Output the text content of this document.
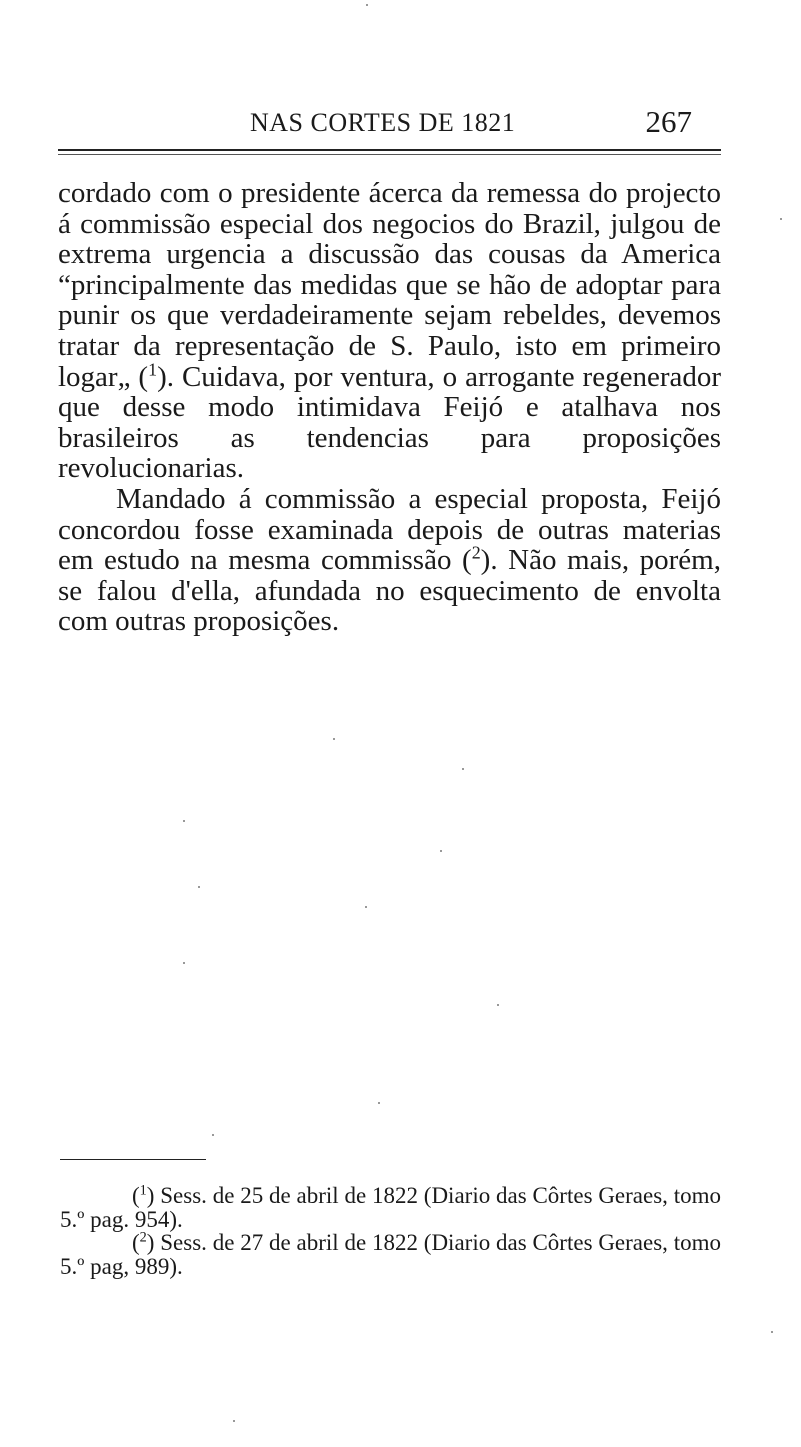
NAS CORTES DE 1821	267

cordado com o presidente ácerca da remessa do projecto á commissão especial dos negocios do Brazil, julgou de extrema urgencia a discussão das cousas da America “principalmente das medidas que se hão de adoptar para punir os que verdadeiramente sejam rebeldes, devemos tratar da representação de S. Paulo, isto em primeiro logar„ ($^1$). Cuidava, por ventura, o arrogante regenerador que desse modo intimidava Feijó e atalhava nos brasileiros as tendencias para proposições revolucionarias.

Mandado á commissão a especial proposta, Feijó concordou fosse examinada depois de outras materias em estudo na mesma commissão ($^2$). Não mais, porém, se falou d'ella, afundada no esquecimento de envolta com outras proposições.

($^1$) Sess. de 25 de abril de 1822 (Diario das Côrtes Geraes, tomo 5.º pag. 954).

($^2$) Sess. de 27 de abril de 1822 (Diario das Côrtes Geraes, tomo 5.º pag, 989).
